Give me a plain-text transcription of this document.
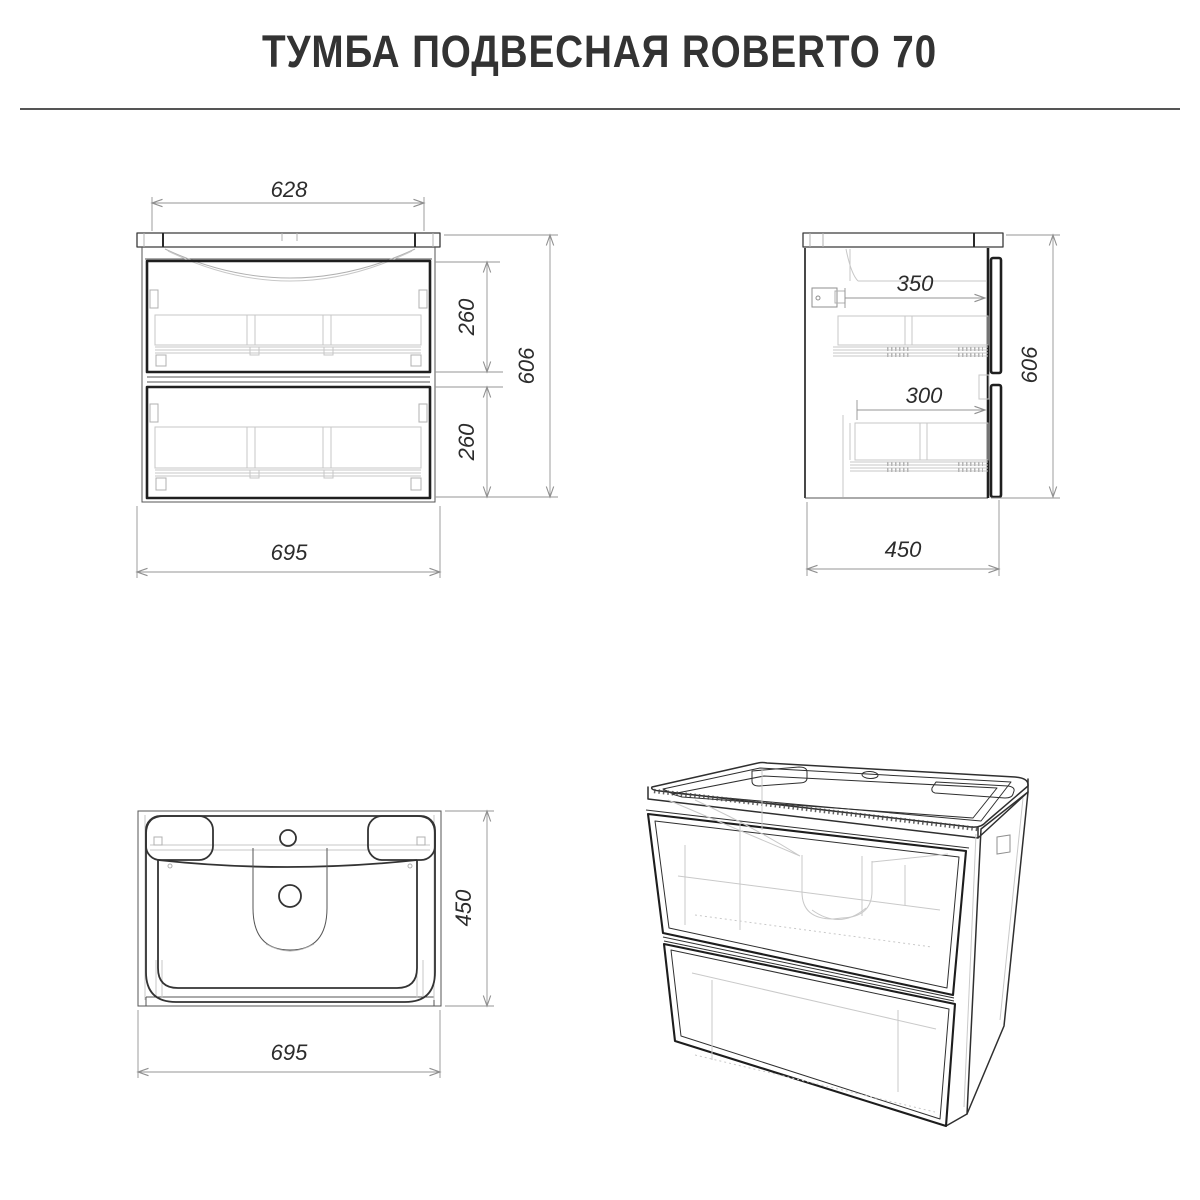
ТУМБА ПОДВЕСНАЯ ROBERTO 70
628
260
260
606
695
350
300
606
450
450
695
